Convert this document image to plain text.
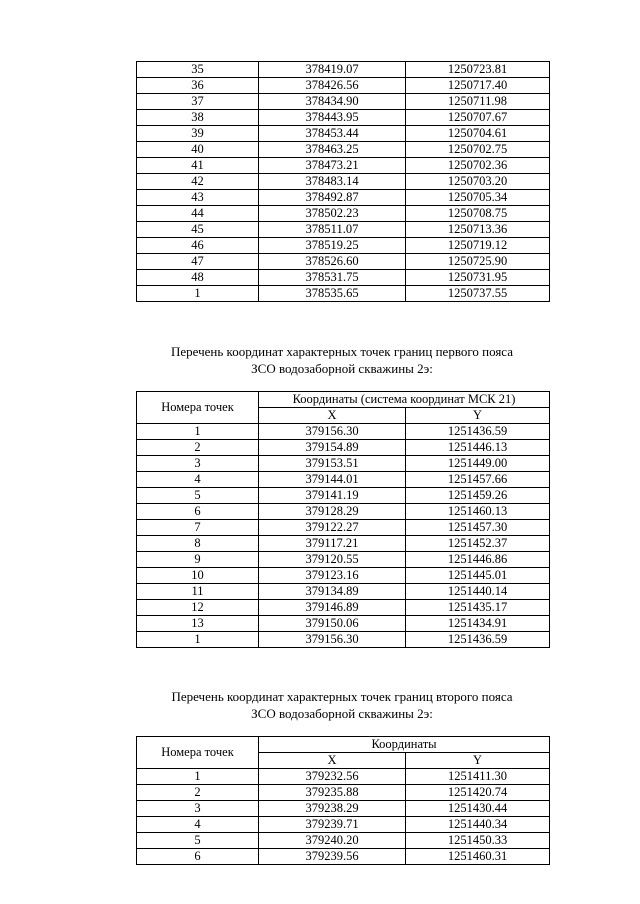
35	378419.07	1250723.81
36	378426.56	1250717.40
37	378434.90	1250711.98
38	378443.95	1250707.67
39	378453.44	1250704.61
40	378463.25	1250702.75
41	378473.21	1250702.36
42	378483.14	1250703.20
43	378492.87	1250705.34
44	378502.23	1250708.75
45	378511.07	1250713.36
46	378519.25	1250719.12
47	378526.60	1250725.90
48	378531.75	1250731.95
1	378535.65	1250737.55
Перечень координат характерных точек границ первого пояса
ЗСО водозаборной скважины 2э:
Номера точек	Координаты (система координат МСК 21)	
	X	Y
1	379156.30	1251436.59
2	379154.89	1251446.13
3	379153.51	1251449.00
4	379144.01	1251457.66
5	379141.19	1251459.26
6	379128.29	1251460.13
7	379122.27	1251457.30
8	379117.21	1251452.37
9	379120.55	1251446.86
10	379123.16	1251445.01
11	379134.89	1251440.14
12	379146.89	1251435.17
13	379150.06	1251434.91
1	379156.30	1251436.59
Перечень координат характерных точек границ второго пояса
ЗСО водозаборной скважины 2э:
Номера точек	Координаты	
	X	Y
1	379232.56	1251411.30
2	379235.88	1251420.74
3	379238.29	1251430.44
4	379239.71	1251440.34
5	379240.20	1251450.33
6	379239.56	1251460.31
